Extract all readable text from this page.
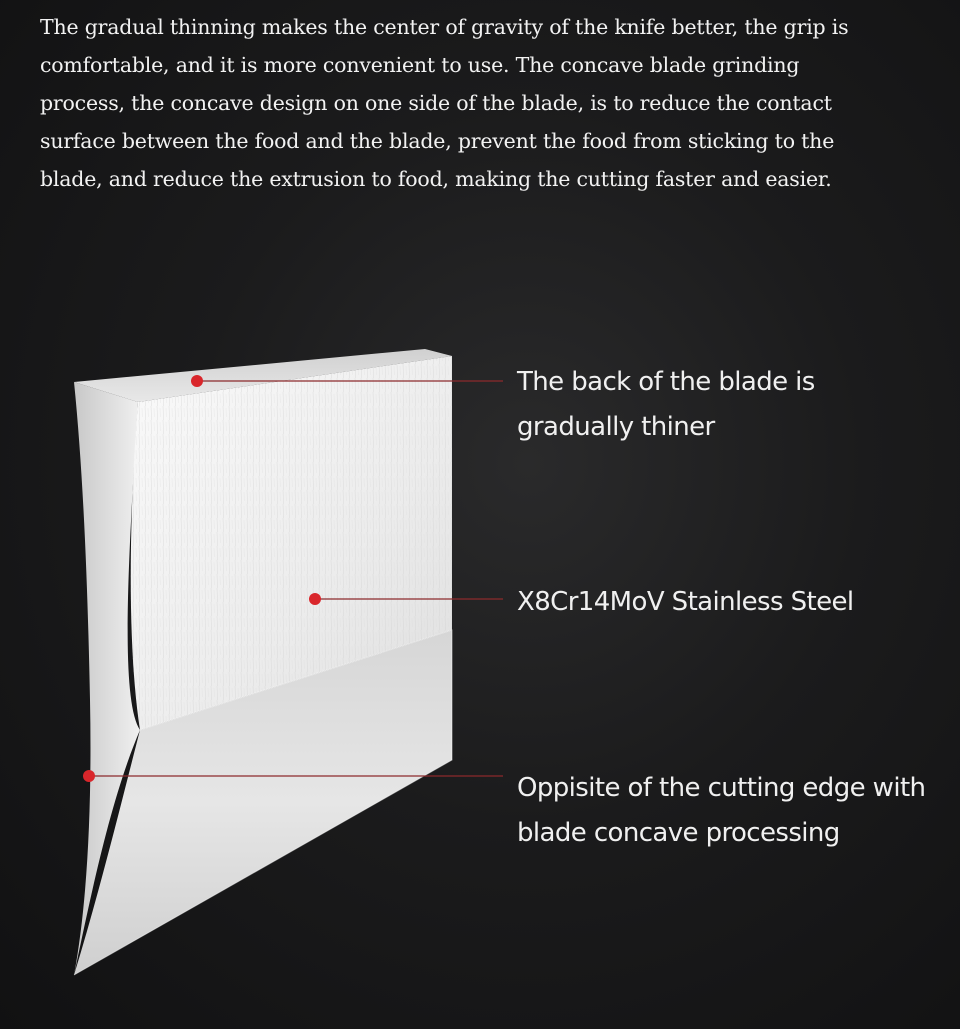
The gradual thinning makes the center of gravity of the knife better, the grip is
comfortable, and it is more convenient to use. The concave blade grinding
process, the concave design on one side of the blade, is to reduce the contact
surface between the food and the blade, prevent the food from sticking to the
blade, and reduce the extrusion to food, making the cutting faster and easier.

The back of the blade is
gradually thiner
X8Cr14MoV Stainless Steel
Oppisite of the cutting edge with
blade concave processing
